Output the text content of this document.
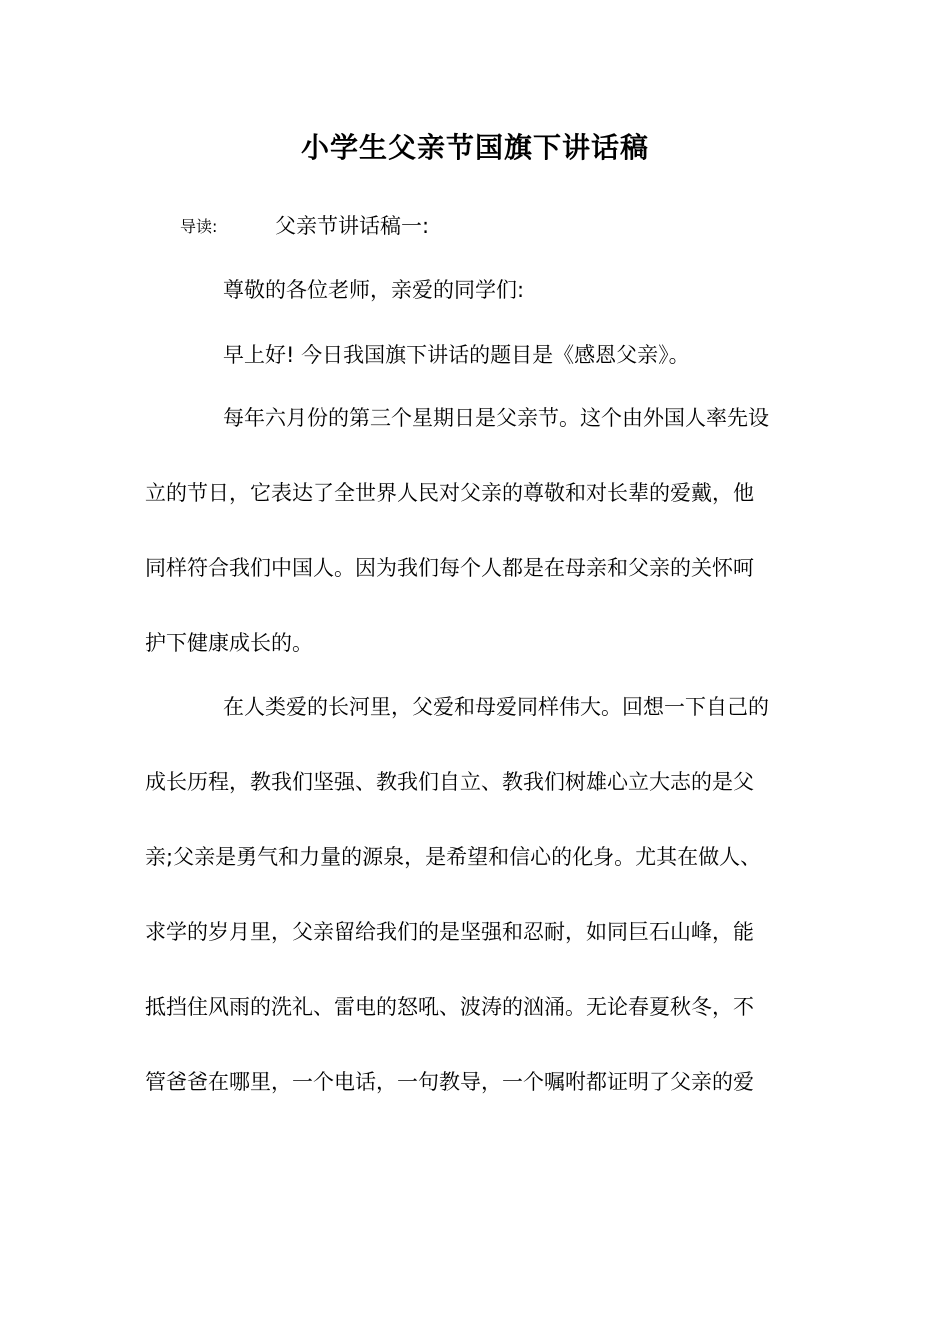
小学生父亲节国旗下讲话稿
导读:	父亲节讲话稿一:
尊敬的各位老师，亲爱的同学们:
早上好! 今日我国旗下讲话的题目是《感恩父亲》。
每年六月份的第三个星期日是父亲节。这个由外国人率先设
立的节日，它表达了全世界人民对父亲的尊敬和对长辈的爱戴，他
同样符合我们中国人。因为我们每个人都是在母亲和父亲的关怀呵
护下健康成长的。
在人类爱的长河里，父爱和母爱同样伟大。回想一下自己的
成长历程，教我们坚强、教我们自立、教我们树雄心立大志的是父
亲;父亲是勇气和力量的源泉，是希望和信心的化身。尤其在做人、
求学的岁月里，父亲留给我们的是坚强和忍耐，如同巨石山峰，能
抵挡住风雨的洗礼、雷电的怒吼、波涛的汹涌。无论春夏秋冬，不
管爸爸在哪里，一个电话，一句教导，一个嘱咐都证明了父亲的爱
